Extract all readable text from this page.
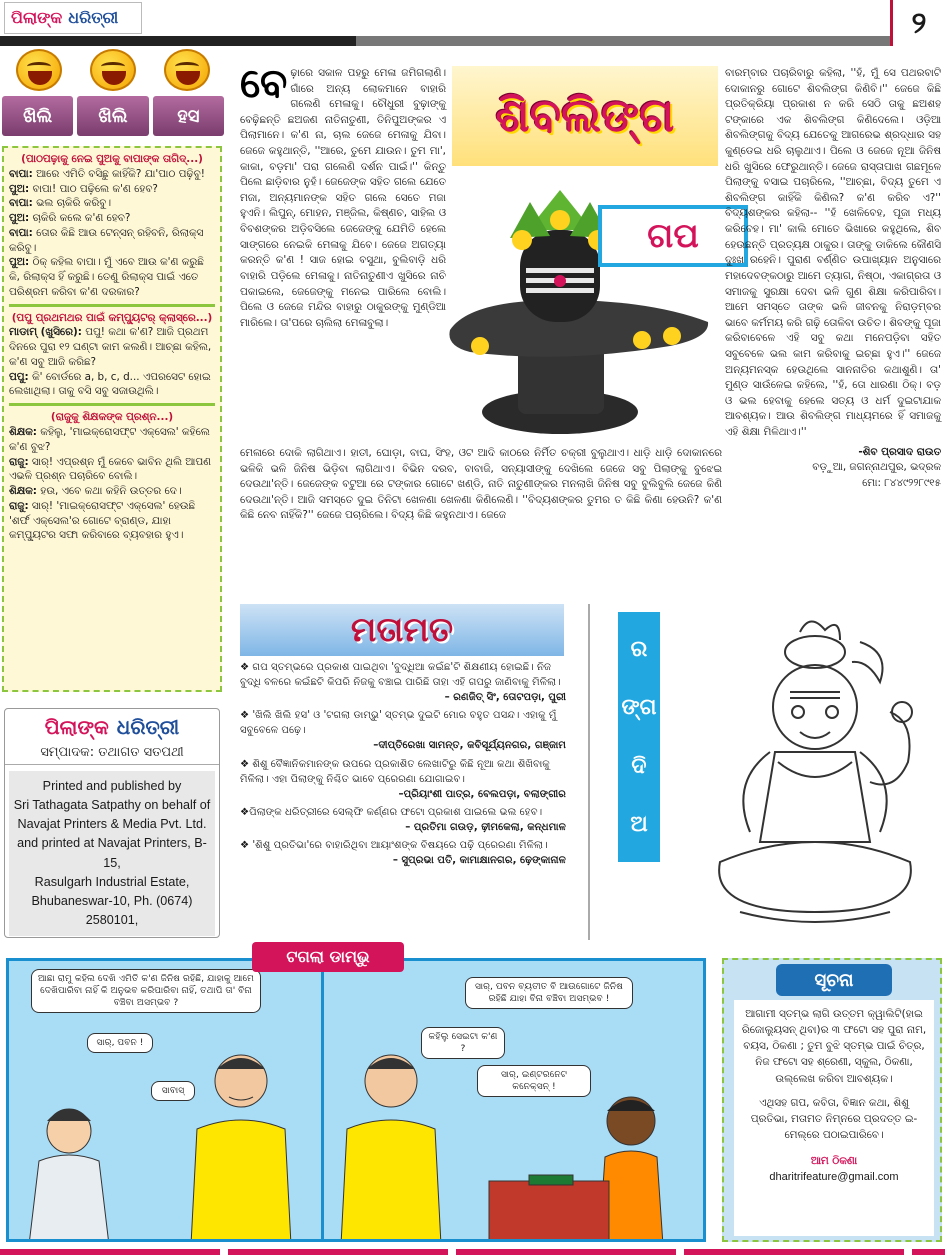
ପିଲାଙ୍କ ଧରିତ୍ରୀ	୨
ଖିଲି	ଖିଲି	ହସ
(ପାଠପଢ଼ାକୁ ନେଇ ପୁଅକୁ ବାପାଙ୍କ ତାଗିଦ୍‌...)
ବାପା: ଆରେ ଏମିତି ବସିଛୁ କାହିଁକି? ଯା'ପାଠ ପଢ଼ିବୁ!
ପୁଅ: ବାପା! ପାଠ ପଢ଼ିଲେ କ'ଣ ହେବ?
ବାପା: ଭଲ ଚାକିରି କରିବୁ।
ପୁଅ: ଚାକିରି କଲେ କ'ଣ ହେବ?
ବାପା: ତୋର କିଛି ଆଉ ଟେନ୍‌ସନ୍ ରହିବନି, ରିଲାକ୍ସ କରିବୁ।
ପୁଅ: ଠିକ୍ କହିଲ ବାପା। ମୁଁ ଏବେ ଆଉ କ'ଣ କରୁଛି କି, ରିଲାକ୍ସ ହିଁ କରୁଛି। ତେଣୁ ରିଲାକ୍ସ ପାଇଁ ଏତେ ପରିଶ୍ରମ କରିବା କ'ଣ ଦରକାର?
(ପପୁ ପ୍ରଥମଥର ପାଇଁ କମ୍ପ୍ୟୁଟର୍ କ୍ଲାସ୍‌ରେ...)
ମାଡାମ୍ (ଖୁସିରେ): ପପୁ! କଥା କ'ଣ? ଆଜି ପ୍ରଥମ ଦିନରେ ପୁରା ୧୨ ଘଣ୍ଟା କାମ କଲଣି। ଆଚ୍ଛା କହିଲ, କ'ଣ ସବୁ ଆଜି କରିଛ?
ପପୁ: କି' ବୋର୍ଡରେ a, b, c, d... ଏପରସେଟ ହୋଇ ଲେଖାଥିଲା। ତାକୁ ବସି ସବୁ ସଜାଉଥିଲି।
(ରାଜୁକୁ ଶିକ୍ଷକଙ୍କ ପ୍ରଶ୍ନ...)
ଶିକ୍ଷକ: କହିଲୁ, 'ମାଇକ୍ରୋସଫ୍ଟ ଏକ୍ସେଲ' କହିଲେ କ'ଣ ବୁଝ?
ରାଜୁ: ସାର୍! ଏପ୍ରଶ୍ନ ମୁଁ କେବେ ଭାବିନ ଥିଲି ଆପଣ ଏଭଳି ପ୍ରଶ୍ନ ପଚାରିବେ ବୋଲି।
ଶିକ୍ଷକ: ହଉ, ଏବେ କଥା କହିନି ଉତ୍ତର ଦେ।
ରାଜୁ: ସାର୍! 'ମାଇକ୍ରୋସଫ୍ଟ ଏକ୍ସେଲ' ହେଉଛି 'ଶର୍ଫ ଏକ୍ସେଲ'ର ଗୋଟେ ବ୍ରାଣ୍ଡ, ଯାହା କମ୍ପ୍ୟୁଟର ସଫା କରିବାରେ ବ୍ୟବହାର ହୁଏ।
ପିଲାଙ୍କ ଧରିତ୍ରୀ
ସମ୍ପାଦକ: ତଥାଗତ ସତପଥୀ
Printed and published by
Sri Tathagata Satpathy on behalf of
Navajat Printers & Media Pvt. Ltd.
and printed at Navajat Printers, B-15,
Rasulgarh Industrial Estate,
Bhubaneswar-10, Ph. (0674) 2580101,
ବେଢ଼ାରେ ସକାଳ ପହରୁ ମେଳା ଜମିଗଲାଣି। ଗାଁରେ ଅନ୍ୟ ଲୋକମାନେ ବାହାରି ଗଲେଣି ମେଳାକୁ। ଚୌଧୁରୀ ବୁଢ଼ାଙ୍କୁ ବେଢ଼ିଛନ୍ତି ଛଅଜଣ ନାତିନାତୁଣୀ, ତିନିପୁଅଙ୍କର ଏ ପିଲାମାନେ। କ'ଣ ନା, ଚାଲ ଜେଜେ ମେଳାକୁ ଯିବା। ଜେଜେ କହୁଥାନ୍ତି, ''ଆରେ, ତୁମେ ଯାଉନ। ତୁମ ମା', କାକା, ବଡ଼ମା' ପରା ଗଲେଣି ଦର୍ଶନ ପାଇଁ।'' କିନ୍ତୁ ପିଲେ ଛାଡ଼ିବାର ନୁହଁ। ଜେଜେଙ୍କ ସହିତ ଗଲେ ଯେତେ ମଜା, ଅନ୍ୟମାନଙ୍କ ସହିତ ଗଲେ ସେତେ ମଜା ହୁଏନି। ଲିପୁନ୍, ମୋହନ, ମଞ୍ଜିଲ, କିଷ୍ଣଚ, ସାହିଲ ଓ ବିବଶଙ୍କର ଅଡ଼ିବସିଲେ ଜେଜେଙ୍କୁ ଯେମିତି ହେଲେ ସାଙ୍ଗରେ ନେଇକି ମେଳାକୁ ଯିବେ। ଜେଜେ ଅଗତ୍ୟା କରନ୍ତି କ'ଣ ! ସାଜ ହୋଇ ବସୁଥା, ବୁଲିବାଡ଼ି ଧରି ବାହାରି ପଡ଼ିଲେ ମେଳାକୁ। ନାତିନାତୁଣୀଏ ଖୁସିରେ ନାଚି ପକାଇଲେ, ଜେଜେଙ୍କୁ ମନେଇ ପାରିଲେ ବୋଲି। ପିଲେ ଓ ଜେଜେ ମନ୍ଦିର ବାହାରୁ ଠାକୁରଙ୍କୁ ମୁଣ୍ଡିଆ ମାରିଲେ। ତା'ପରେ ଚାଲିଲା ମେଳାବୁଲା।
ଶିବଲିଙ୍ଗ
ଗପ
ବାରମ୍ବାର ପଚାରିବାରୁ କହିଲା, ''ହଁ, ମୁଁ ସେ ପଥରବାଟି ଦୋକାନରୁ ଗୋଟେ ଶିବଲିଙ୍ଗ କିଣିବି।'' ଜେଜେ କିଛି ପ୍ରତିକ୍ରିୟା ପ୍ରକାଶ ନ କରି ସେଠି ତାକୁ ଛଅଶହ ଟଙ୍କାରେ ଏକ ଶିବଲିଙ୍ଗ କିଣିଦେଲେ। ଓଡ଼ିଆ ଶିବଲିଙ୍ଗକୁ ବିଦ୍ୟ ଯେତେକୁ ଆଗରେଭ ଶ୍ରଦ୍ଧାର ସହ କୁଣ୍ଡେଇ ଧରି ଚାଲୁଥାଏ। ପିଲେ ଓ ଜେଜେ ନୂଆ ଜିନିଷ ଧରି ଖୁସିରେ ଫେରୁଥାନ୍ତି। ଜେଜେ ରାସ୍ତାପାଖ ଗଛମୂଳେ ପିଲାଙ୍କୁ ବସାଇ ପଚାରିଲେ, ''ଆଚ୍ଛା, ବିଦ୍ୟ ତୁମେ ଏ ଶିବଲିଙ୍ଗ କାହିଁକି କିଣିଲ? କ'ଣ କରିବ ଏ?'' ବିଦ୍ୟଶଙ୍କର କହିଲା-- ''ହଁ ଖେଳିବେହ, ପୂଜା ମଧ୍ୟ କରିବେହ। ମା' କାଲି ମୋତେ ଭିଖାରେ କହୁଥିଲେ, ଶିବ ହେଉଛନ୍ତି ପ୍ରତ୍ୟକ୍ଷ ଠାକୁର। ତାଙ୍କୁ ଡାକିଲେ କୌଣସି ଦୁଃଖ ରହେନି। ପୁରାଣ ବର୍ଣ୍ଣିତ ଉପାଖ୍ୟାନ ଅନୁସାରେ ମହାଦେବଙ୍କଠାରୁ ଆମେ ତ୍ୟାଗ, ନିଷ୍ଠା, ଏକାଗ୍ରତା ଓ ସମାଜକୁ ସୁରକ୍ଷା ଦେବା ଭଳି ଗୁଣ ଶିକ୍ଷା କରିପାରିବା। ଆମେ ସମସ୍ତେ ତାଙ୍କ ଭଳି ଜୀବନକୁ ନିରାଡ଼ମ୍ବର ଭାବେ କର୍ମମୟ କରି ଗଢ଼ି ତୋଳିବା ଉଚିତ। ଶିବଙ୍କୁ ପୂଜା କରିବାବେଳେ ଏହି ସବୁ କଥା ମନେପଡ଼ିବା ସହିତ ସବୁବେଳେ ଭଲ କାମ କରିବାକୁ ଇଚ୍ଛା ହୁଏ।'' ଜେଜେ ଅନ୍ୟମନସ୍କ ହେଉଥିଲେ ସାନନାତିର କଥାଶୁଣି। ତା' ମୁଣ୍ଡ ସାଉଁଳେଇ କହିଲେ, ''ହଁ, ତୋ ଧାରଣା ଠିକ୍। ବଡ଼ ଓ ଭଲ ହେବାକୁ ହେଲେ ସତ୍ୟ ଓ ଧର୍ମ ଦୁଇଟାଯାକ ଆବଶ୍ୟକ। ଆଉ ଶିବଲିଙ୍ଗ ମାଧ୍ୟମରେ ହିଁ ସମାଜକୁ ଏହି ଶିକ୍ଷା ମିଳିଥାଏ।''
-ଶିବ ପ୍ରସାଦ ରାଉତ
ବଡ଼ୁଆ, ଜଗନ୍ନାଥପୁର, ଭଦ୍ରକ
ମୋ: ୮୪୪୯୨୨୮୯୧୫
ମେଳାରେ ଦୋକି ଲାଗିଥାଏ। ହାତୀ, ଘୋଡ଼ା, ବାଘ, ସିଂହ, ଓଟ ଆଦି କାଠରେ ନିର୍ମିତ ଚକ୍ରୀ ବୁଲୁଥାଏ। ଧାଡ଼ି ଧାଡ଼ି ଦୋକାନରେ ଭଳିକି ଭଳି ଜିନିଷ ଭିଡ଼ିବା ଲାଗିଥାଏ। ବିଭିନ ଦରବ, ବାବାଜି, ସନ୍ୟାସୀଙ୍କୁ ଦେଖିଲେ ଜେଜେ ସବୁ ପିଲାଙ୍କୁ ବୁଝେଇ ଦେଉଥା'ନ୍ତି। ଜେଜେଙ୍କ ବଟୁଆ ରେ ଟଙ୍କାର ଗୋଟେ ଖଣ୍ଡି, ନାତି ନାତୁଣୀଙ୍କର ମନଲାଖି ଜିନିଷ ସବୁ ବୁଲିବୁଲି ଜେଜେ କିଣି ଦେଉଥା'ନ୍ତି। ଆଜି ସମସ୍ତେ ଦୁଇ ତିନିଟା ଖେଳଣା ଖେଳଣା କିଣିଲେଣି। ''ବିଦ୍ୟଶଙ୍କର ତୁମର ତ କିଛି କିଣା ହେଉନି? କ'ଣ କିଛି ନେବ ନାହିଁକି?'' ଜେଜେ ପଚାରିଲେ। ବିଦ୍ୟ କିଛି କହୁନଥାଏ। ଜେଜେ
ମତାମତ
❖ ଗପ ସ୍ତମ୍ଭରେ ପ୍ରକାଶ ପାଇଥିବା 'ବୁଦ୍ଧିଆ କଇଁଛ'ଟି ଶିକ୍ଷଣୀୟ ହୋଇଛି। ନିଜ ବୁଦ୍ଧି ବଳରେ କଇଁଛଟି କିପରି ନିଜକୁ ବଞ୍ଚାଇ ପାରିଛି ତାହା ଏହି ଗପରୁ ଜାଣିବାକୁ ମିଳିଲା।
– ରଣଜିତ୍ ସିଂ, ତୋଟପଡ଼ା, ପୁରୀ
❖ 'ଖିଲି ଖିଲି ହସ' ଓ 'ଟଗଲା ଡାମ୍ଭୁ' ସ୍ତମ୍ଭ ଦୁଇଟି ମୋର ବହୁତ ପସନ୍ଦ। ଏହାକୁ ମୁଁ ସବୁବେଳେ ପଢ଼େ।
–ଦୀପ୍ତିରେଖା ସାମନ୍ତ, କବିସୂର୍ଯ୍ୟନଗର, ଗଞ୍ଜାମ
❖ ଶିଶୁ ବୈଜ୍ଞାନିକମାନଙ୍କ ଉପରେ ପ୍ରକାଶିତ ଲେଖାଟିରୁ କିଛି ନୂଆ କଥା ଶିଖିବାକୁ ମିଳିଲା। ଏହା ପିଲାଙ୍କୁ ନିଶ୍ଚିତ ଭାବେ ପ୍ରେରଣା ଯୋଗାଇବ।
–ପ୍ରିୟାଂଶୀ ପାତ୍ର, ବେଲପଡ଼ା, ବଲାଙ୍ଗୀର
❖ପିଲାଙ୍କ ଧରିତ୍ରୀରେ ସେଲ୍‌ଫି କର୍ଣ୍ଣର ଫଟୋ ପ୍ରକାଶ ପାଇଲେ ଭଲ ହେବ।
– ପ୍ରତିମା ଗଉଡ଼, ଢ଼ୀମକେଲା, କନ୍ଧମାଳ
❖ 'ଶିଶୁ ପ୍ରତିଭା'ରେ ବାହାରିଥିବା ଆୟାଂଶଙ୍କ ବିଷୟରେ ପଢ଼ି ପ୍ରେରଣା ମିଳିଲା।
– ସୁପ୍ରଭା ପତି, କାମାକ୍ଷାନଗର, ଢ଼େଙ୍କାନାଳ
ର
ଙ୍ଗ
ଦି
ଅ
ଆଛା ରାମୁ କହିଲ ଦେଖି ଏମିତି କ'ଣ ଜିନିଷ ରହିଛି, ଯାହାକୁ ଆମେ ଦେଖିପାରିବା ନାହିଁ କି ଅନୁଭବ କରିପାରିବା ନାହିଁ, ତଥାପି ତା' ବିନା ବଞ୍ଚିବା ଅସମ୍ଭବ ?
ସାର୍, ପବନ !
ସାବାସ୍
ସାର୍, ପବନ ବ୍ୟତୀତ ବି ଆଉଗୋଟେ ଜିନିଷ ରହିଛି ଯାହା ବିନା ବଞ୍ଚିବା ଅସମ୍ଭବ !
କହିଲୁ ସେଇଟା କ'ଣ ?
ସାର୍, ଇଣ୍ଟରନେଟ କନେକ୍‌ସନ୍ !
ଟଗଲା ଡାମ୍ଭୁ
ସୂଚନା
ଆଗାମୀ ସ୍ତମ୍ଭ ଲାଗି ଉତ୍ତମ କ୍ୱାଲିଟି(ହାଇ ରିଜୋଲ୍ୟୁସନ୍ ଥିବା)ର ୩ ଫଟୋ ସହ ପୁରା ନାମ, ବୟସ, ଠିକଣା ; ତୁମ ବୁଝି ସ୍ତମ୍ଭ ପାଇଁ ଚିତ୍ର, ନିଜ ଫଟୋ ସହ ଶ୍ରେଣୀ, ସ୍କୁଲ, ଠିକଣା, ଉଲ୍ଲେଖ କରିବା ଆବଶ୍ୟକ।
ଏଥିସହ ଗପ, କବିତା, ବିଜ୍ଞାନ କଥା, ଶିଶୁ ପ୍ରତିଭା, ମତାମତ ନିମ୍ନରେ ପ୍ରଦତ୍ତ ଇ-ମେଲ୍‌ରେ ପଠାଇପାରିବେ।
ଆମ ଠିକଣା
dharitrifeature@gmail.com
